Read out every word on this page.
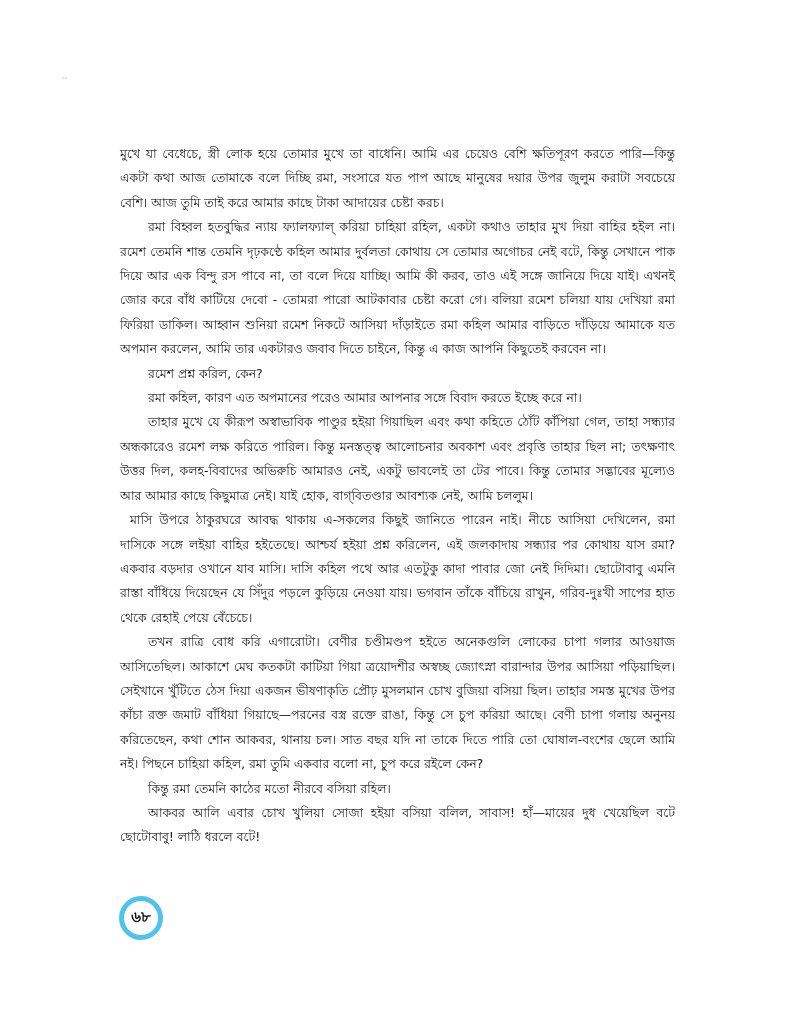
৹৹

মুখে যা বেধেচে, স্ত্রী লোক হয়ে তোমার মুখে তা বাধেনি। আমি এর চেয়েও বেশি ক্ষতিপূরণ করতে পারি—কিন্তু একটা কথা আজ তোমাকে বলে দিচ্ছি রমা, সংসারে যত পাপ আছে মানুষের দয়ার উপর জুলুম করাটা সবচেয়ে বেশি। আজ তুমি তাই করে আমার কাছে টাকা আদায়ের চেষ্টা করচ।

রমা বিহ্বল হতবুদ্ধির ন্যায় ফ্যালফ্যাল্ করিয়া চাহিয়া রহিল, একটা কথাও তাহার মুখ দিয়া বাহির হইল না। রমেশ তেমনি শান্ত তেমনি দৃঢ়কণ্ঠে কহিল আমার দুর্বলতা কোথায় সে তোমার অগোচর নেই বটে, কিন্তু সেখানে পাক দিয়ে আর এক বিন্দু রস পাবে না, তা বলে দিয়ে যাচ্ছি। আমি কী করব, তাও এই সঙ্গে জানিয়ে দিয়ে যাই। এখনই জোর করে বাঁধ কাটিয়ে দেবো - তোমরা পারো আটকাবার চেষ্টা করো গে। বলিয়া রমেশ চলিয়া যায় দেখিয়া রমা ফিরিয়া ডাকিল। আহ্বান শুনিয়া রমেশ নিকটে আসিয়া দাঁড়াইতে রমা কহিল আমার বাড়িতে দাঁড়িয়ে আমাকে যত অপমান করলেন, আমি তার একটারও জবাব দিতে চাইনে, কিন্তু এ কাজ আপনি কিছুতেই করবেন না।

রমেশ প্রশ্ন করিল, কেন?

রমা কহিল, কারণ এত অপমানের পরেও আমার আপনার সঙ্গে বিবাদ করতে ইচ্ছে করে না।

তাহার মুখে যে কীরূপ অস্বাভাবিক পাণ্ডুর হইয়া গিয়াছিল এবং কথা কহিতে ঠোঁট কাঁপিয়া গেল, তাহা সন্ধ্যার অন্ধকারেও রমেশ লক্ষ করিতে পারিল। কিন্তু মনস্তত্ত্ব আলোচনার অবকাশ এবং প্রবৃত্তি তাহার ছিল না; তৎক্ষণাৎ উত্তর দিল, কলহ-বিবাদের অভিরুচি আমারও নেই, একটু ভাবলেই তা টের পাবে। কিন্তু তোমার সদ্ভাবের মূল্যেও আর আমার কাছে কিছুমাত্র নেই। যাই হোক, বাগ্‌বিতণ্ডার আবশ্যক নেই, আমি চললুম।

মাসি উপরে ঠাকুরঘরে আবদ্ধ থাকায় এ-সকলের কিছুই জানিতে পারেন নাই। নীচে আসিয়া দেখিলেন, রমা দাসিকে সঙ্গে লইয়া বাহির হইতেছে। আশ্চর্য হইয়া প্রশ্ন করিলেন, এই জলকাদায় সন্ধ্যার পর কোথায় যাস রমা? একবার বড়দার ওখানে যাব মাসি। দাসি কহিল পথে আর এতটুকু কাদা পাবার জো নেই দিদিমা। ছোটোবাবু এমনি রাস্তা বাঁধিয়ে দিয়েছেন যে সিঁদুর পড়লে কুড়িয়ে নেওয়া যায়। ভগবান তাঁকে বাঁচিয়ে রাখুন, গরিব-দুঃখী সাপের হাত থেকে রেহাই পেয়ে বেঁচেচে।

তখন রাত্রি বোধ করি এগারোটা। বেণীর চণ্ডীমণ্ডপ হইতে অনেকগুলি লোকের চাপা গলার আওয়াজ আসিতেছিল। আকাশে মেঘ কতকটা কাটিয়া গিয়া ত্রয়োদশীর অস্বচ্ছ জ্যোৎস্না বারান্দার উপর আসিয়া পড়িয়াছিল। সেইখানে খুঁটিতে ঠেস দিয়া একজন ভীষণাকৃতি প্রৌঢ় মুসলমান চোখ বুজিয়া বসিয়া ছিল। তাহার সমস্ত মুখের উপর কাঁচা রক্ত জমাট বাঁধিয়া গিয়াছে—পরনের বস্ত্র রক্তে রাঙা, কিন্তু সে চুপ করিয়া আছে। বেণী চাপা গলায় অনুনয় করিতেছেন, কথা শোন আকবর, থানায় চল। সাত বছর যদি না তাকে দিতে পারি তো ঘোষাল-বংশের ছেলে আমি নই। পিছনে চাহিয়া কহিল, রমা তুমি একবার বলো না, চুপ করে রইলে কেন?

কিন্তু রমা তেমনি কাঠের মতো নীরবে বসিয়া রহিল।

আকবর আলি এবার চোখ খুলিয়া সোজা হইয়া বসিয়া বলিল, সাবাস! হাঁ—মায়ের দুধ খেয়েছিল বটে ছোটোবাবু! লাঠি ধরলে বটে!

৬৮
